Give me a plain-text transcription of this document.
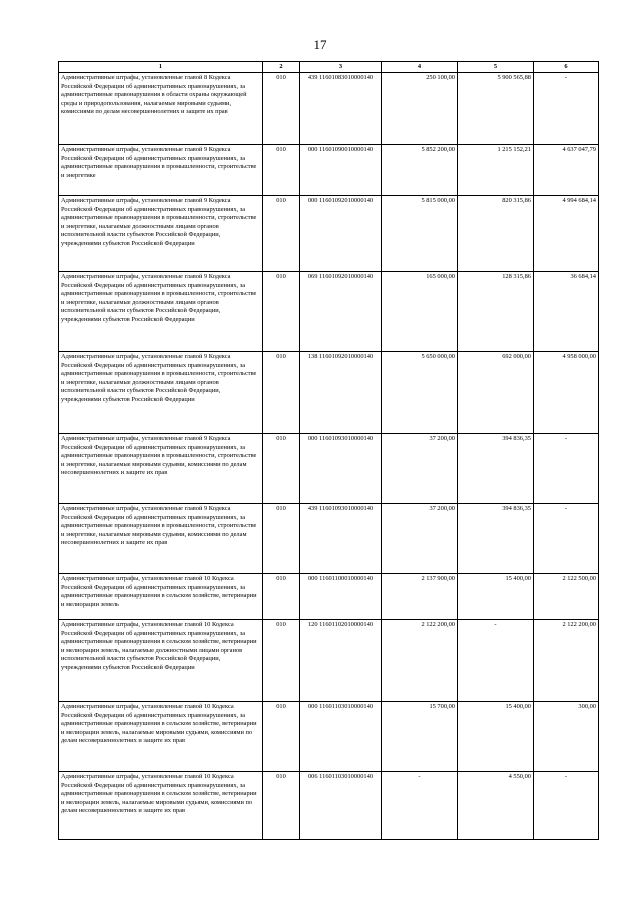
17
1	2	3	4	5	6
Административные штрафы, установленные главой 8 Кодекса Российской Федерации об административных правонарушениях, за административные правонарушения в области охраны окружающей среды и природопользования, налагаемые мировыми судьями, комиссиями по делам несовершеннолетних и защите их прав	010	439 11601083010000140	250 100,00	5 900 565,88	-
Административные штрафы, установленные главой 9 Кодекса Российской Федерации об административных правонарушениях, за административные правонарушения в промышленности, строительстве и энергетике	010	000 11601090010000140	5 852 200,00	1 215 152,21	4 637 047,79
Административные штрафы, установленные главой 9 Кодекса Российской Федерации об административных правонарушениях, за административные правонарушения в промышленности, строительстве и энергетике, налагаемые должностными лицами органов исполнительной власти субъектов Российской Федерации, учреждениями субъектов Российской Федерации	010	000 11601092010000140	5 815 000,00	820 315,86	4 994 684,14
Административные штрафы, установленные главой 9 Кодекса Российской Федерации об административных правонарушениях, за административные правонарушения в промышленности, строительстве и энергетике, налагаемые должностными лицами органов исполнительной власти субъектов Российской Федерации, учреждениями субъектов Российской Федерации	010	069 11601092010000140	165 000,00	128 315,86	36 684,14
Административные штрафы, установленные главой 9 Кодекса Российской Федерации об административных правонарушениях, за административные правонарушения в промышленности, строительстве и энергетике, налагаемые должностными лицами органов исполнительной власти субъектов Российской Федерации, учреждениями субъектов Российской Федерации	010	138 11601092010000140	5 650 000,00	692 000,00	4 958 000,00
Административные штрафы, установленные главой 9 Кодекса Российской Федерации об административных правонарушениях, за административные правонарушения в промышленности, строительстве и энергетике, налагаемые мировыми судьями, комиссиями по делам несовершеннолетних и защите их прав	010	000 11601093010000140	37 200,00	394 836,35	-
Административные штрафы, установленные главой 9 Кодекса Российской Федерации об административных правонарушениях, за административные правонарушения в промышленности, строительстве и энергетике, налагаемые мировыми судьями, комиссиями по делам несовершеннолетних и защите их прав	010	439 11601093010000140	37 200,00	394 836,35	-
Административные штрафы, установленные главой 10 Кодекса Российской Федерации об административных правонарушениях, за административные правонарушения в сельском хозяйстве, ветеринарии и мелиорации земель	010	000 11601100010000140	2 137 900,00	15 400,00	2 122 500,00
Административные штрафы, установленные главой 10 Кодекса Российской Федерации об административных правонарушениях, за административные правонарушения в сельском хозяйстве, ветеринарии и мелиорации земель, налагаемые должностными лицами органов исполнительной власти субъектов Российской Федерации, учреждениями субъектов Российской Федерации	010	120 11601102010000140	2 122 200,00	-	2 122 200,00
Административные штрафы, установленные главой 10 Кодекса Российской Федерации об административных правонарушениях, за административные правонарушения в сельском хозяйстве, ветеринарии и мелиорации земель, налагаемые мировыми судьями, комиссиями по делам несовершеннолетних и защите их прав	010	000 11601103010000140	15 700,00	15 400,00	300,00
Административные штрафы, установленные главой 10 Кодекса Российской Федерации об административных правонарушениях, за административные правонарушения в сельском хозяйстве, ветеринарии и мелиорации земель, налагаемые мировыми судьями, комиссиями по делам несовершеннолетних и защите их прав	010	006 11601103010000140	-	4 550,00	-
